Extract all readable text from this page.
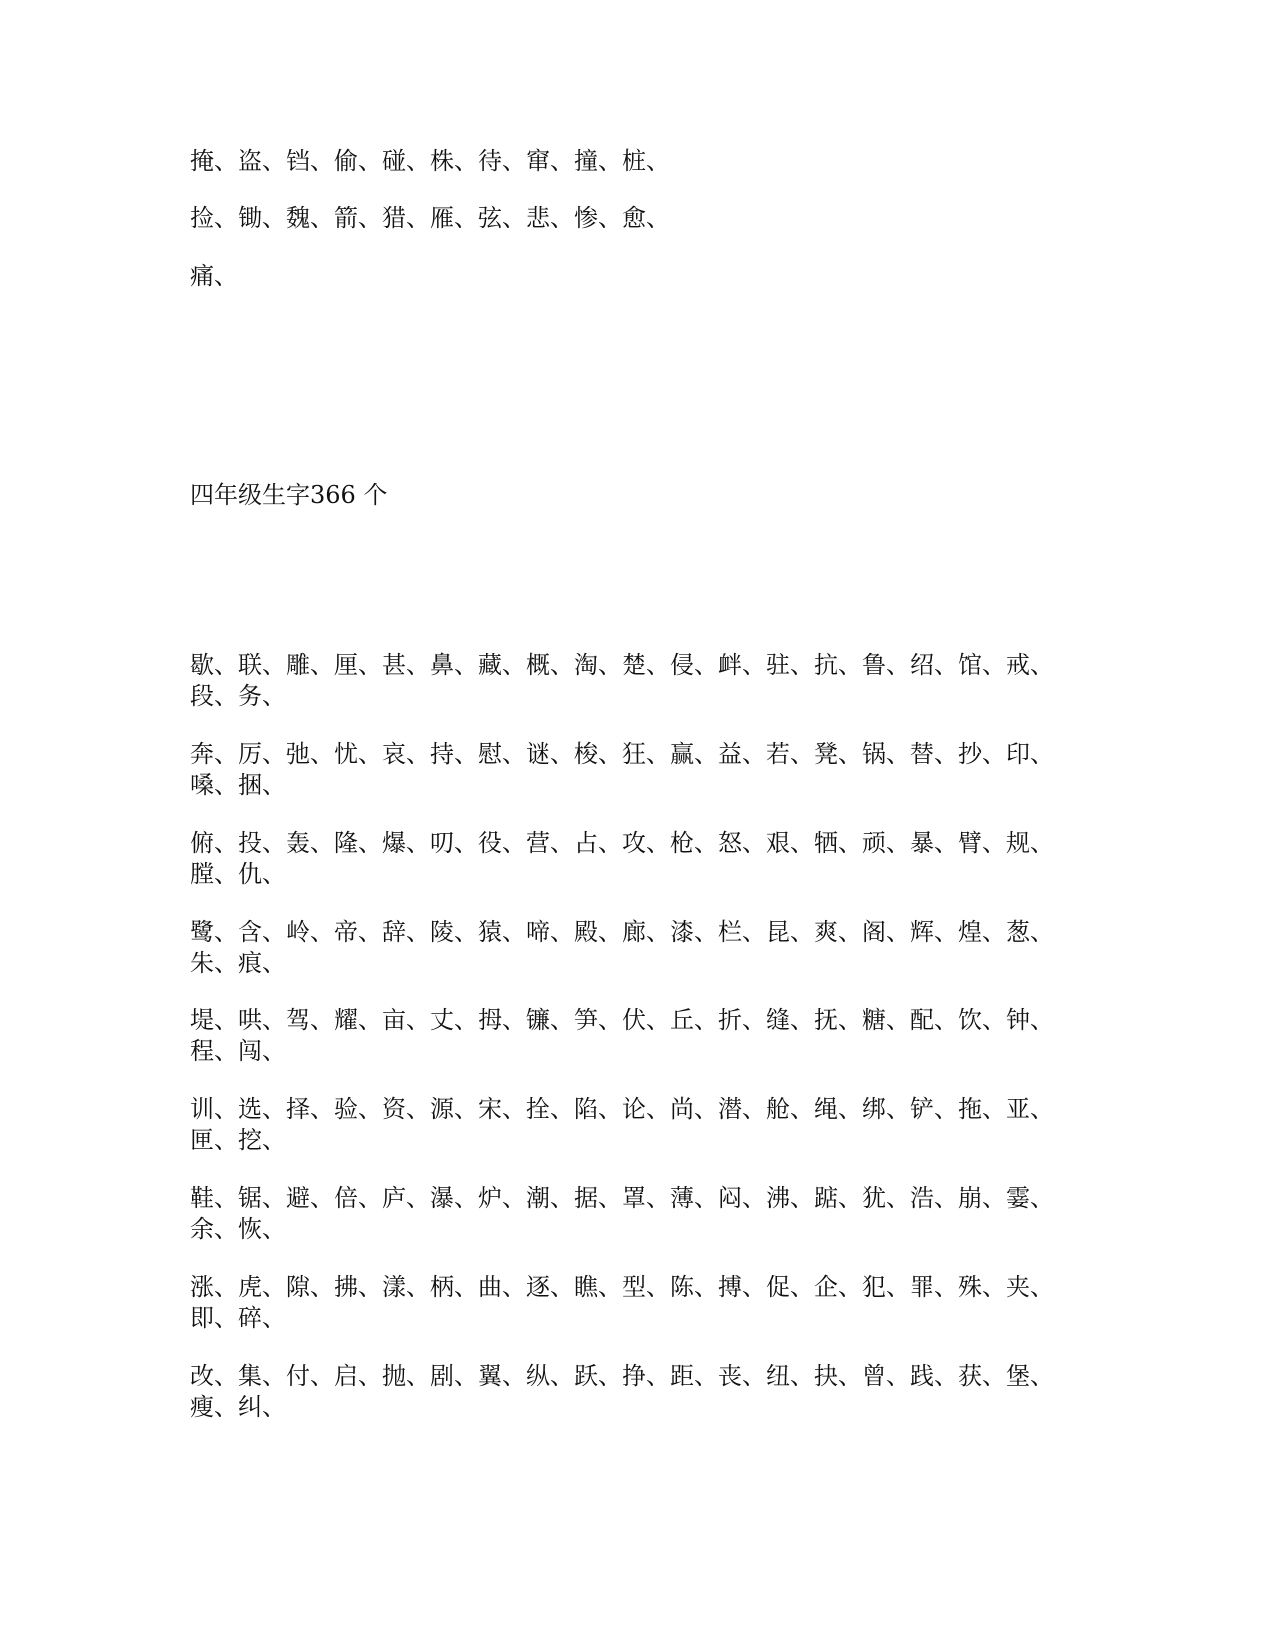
掩、盗、铛、偷、碰、株、待、窜、撞、桩、
捡、锄、魏、箭、猎、雁、弦、悲、惨、愈、
痛、
四年级生字366 个
歇、联、雕、厘、甚、鼻、藏、概、淘、楚、侵、衅、驻、抗、鲁、绍、馆、戒、
段、务、
奔、厉、弛、忧、哀、持、慰、谜、梭、狂、赢、益、若、凳、锅、替、抄、印、
嗓、捆、
俯、投、轰、隆、爆、叨、役、营、占、攻、枪、怒、艰、牺、顽、暴、臂、规、
膛、仇、
鹭、含、岭、帝、辞、陵、猿、啼、殿、廊、漆、栏、昆、爽、阁、辉、煌、葱、
朱、痕、
堤、哄、驾、耀、亩、丈、拇、镰、笋、伏、丘、折、缝、抚、糖、配、饮、钟、
程、闯、
训、选、择、验、资、源、宋、拴、陷、论、尚、潜、舱、绳、绑、铲、拖、亚、
匣、挖、
鞋、锯、避、倍、庐、瀑、炉、潮、据、罩、薄、闷、沸、踮、犹、浩、崩、霎、
余、恢、
涨、虎、隙、拂、漾、柄、曲、逐、瞧、型、陈、搏、促、企、犯、罪、殊、夹、
即、碎、
改、集、付、启、抛、剧、翼、纵、跃、挣、距、丧、纽、抉、曾、践、获、堡、
瘦、纠、
